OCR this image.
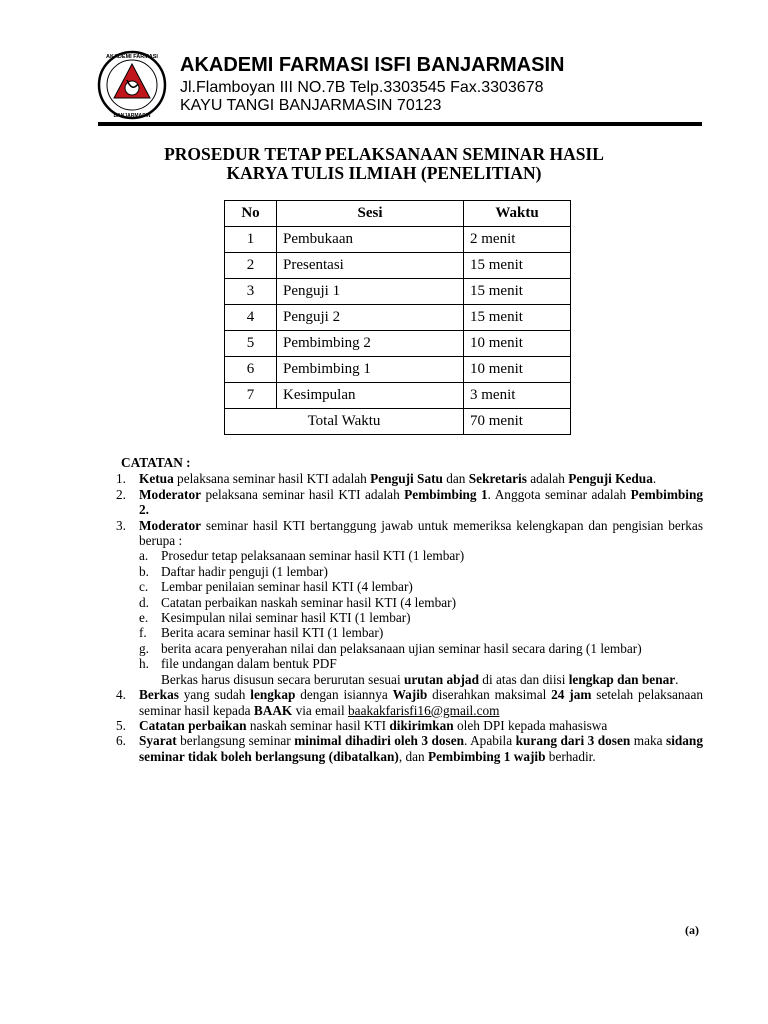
AKADEMI FARMASI
BANJARMASIN
AKADEMI FARMASI ISFI BANJARMASIN
Jl.Flamboyan III NO.7B Telp.3303545 Fax.3303678
KAYU TANGI BANJARMASIN 70123
PROSEDUR TETAP PELAKSANAAN SEMINAR HASIL
KARYA TULIS ILMIAH (PENELITIAN)
No	Sesi	Waktu
1	Pembukaan	2 menit
2	Presentasi	15 menit
3	Penguji 1	15 menit
4	Penguji 2	15 menit
5	Pembimbing 2	10 menit
6	Pembimbing 1	10 menit
7	Kesimpulan	3 menit
Total Waktu		70 menit
CATATAN :
1. Ketua pelaksana seminar hasil KTI adalah Penguji Satu dan Sekretaris adalah Penguji Kedua.
2. Moderator pelaksana seminar hasil KTI adalah Pembimbing 1. Anggota seminar adalah Pembimbing 2.
3. Moderator seminar hasil KTI bertanggung jawab untuk memeriksa kelengkapan dan pengisian berkas berupa :
a. Prosedur tetap pelaksanaan seminar hasil KTI (1 lembar)
b. Daftar hadir penguji (1 lembar)
c. Lembar penilaian seminar hasil KTI (4 lembar)
d. Catatan perbaikan naskah seminar hasil KTI (4 lembar)
e. Kesimpulan nilai seminar hasil KTI (1 lembar)
f. Berita acara seminar hasil KTI (1 lembar)
g. berita acara penyerahan nilai dan pelaksanaan ujian seminar hasil secara daring (1 lembar)
h. file undangan dalam bentuk PDF
Berkas harus disusun secara berurutan sesuai urutan abjad di atas dan diisi lengkap dan benar.
4. Berkas yang sudah lengkap dengan isiannya Wajib diserahkan maksimal 24 jam setelah pelaksanaan seminar hasil kepada BAAK via email baakakfarisfi16@gmail.com
5. Catatan perbaikan naskah seminar hasil KTI dikirimkan oleh DPI kepada mahasiswa
6. Syarat berlangsung seminar minimal dihadiri oleh 3 dosen. Apabila kurang dari 3 dosen maka sidang seminar tidak boleh berlangsung (dibatalkan), dan Pembimbing 1 wajib berhadir.
(a)
